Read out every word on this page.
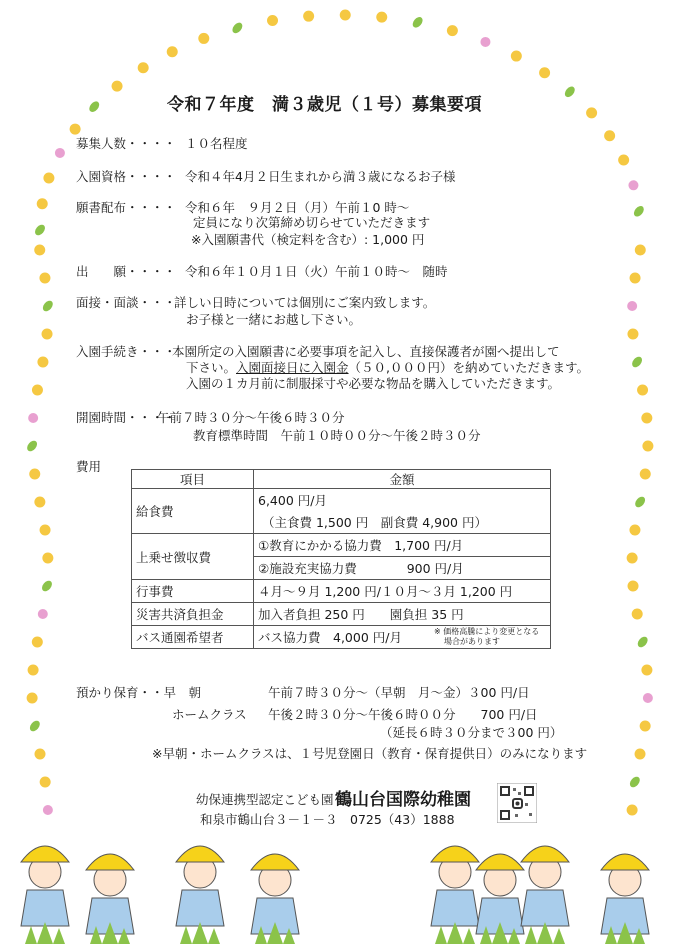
令和７年度　満３歳児（１号）募集要項
募集人数・・・・ １０名程度
入園資格・・・・ 令和４年4月２日生まれから満３歳になるお子様
願書配布・・・・ 令和６年　９月２日（月）午前１0 時～
定員になり次第締め切らせていただきます
※入園願書代（検定料を含む）: 1,000 円
出　　願・・・・ 令和６年１０月１日（火）午前１０時～　随時
面接・面談・・・
詳しい日時については個別にご案内致します。
お子様と一緒にお越し下さい。
入園手続き・・・
本園所定の入園願書に必要事項を記入し、直接保護者が園へ提出して
下さい。入園面接日に入園金（５０,０００円）を納めていただきます。
入園の１カ月前に制服採寸や必要な物品を購入していただきます。
開園時間・・・・
午前７時３０分～午後６時３０分
教育標準時間　午前１０時００分～午後２時３０分
費用
項目	金額
給食費	6,400 円/月
	（主食費 1,500 円　副食費 4,900 円）
上乗せ徴収費	①教育にかかる協力費　1,700 円/月
	②施設充実協力費　　　　900 円/月
行事費	４月～９月 1,200 円/１０月～３月 1,200 円
災害共済負担金	加入者負担 250 円　　園負担 35 円
バス通園希望者	バス協力費　4,000 円/月 ※ 価格高騰により変更となる
場合があります
預かり保育・・早　朝	午前７時３０分～（早朝　月～金）３00 円/日
ホームクラス 午後２時３０分～午後６時００分　　700 円/日
（延長６時３０分まで３00 円）
※早朝・ホームクラスは、１号児登園日（教育・保育提供日）のみになります
幼保連携型認定こども園 鶴山台国際幼稚園
和泉市鶴山台３－１－３　0725（43）1888
